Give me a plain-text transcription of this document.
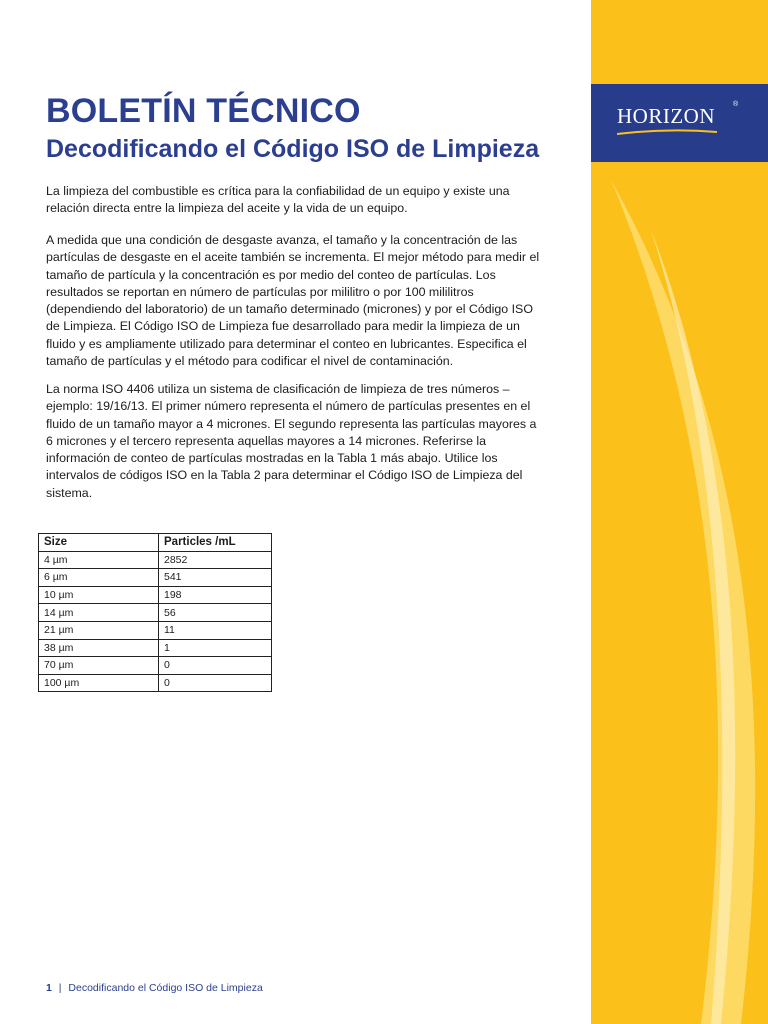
HORIZON	®
BOLETÍN TÉCNICO
Decodificando el Código ISO de Limpieza

La limpieza del combustible es crítica para la confiabilidad de un equipo y existe una relación directa entre la limpieza del aceite y la vida de un equipo.

A medida que una condición de desgaste avanza, el tamaño y la concentración de las partículas de desgaste en el aceite también se incrementa. El mejor método para medir el tamaño de partícula y la concentración es por medio del conteo de partículas. Los resultados se reportan en número de partículas por mililitro o por 100 mililitros (dependiendo del laboratorio) de un tamaño determinado (micrones) y por el Código ISO de Limpieza. El Código ISO de Limpieza fue desarrollado para medir la limpieza de un fluido y es ampliamente utilizado para determinar el conteo en lubricantes. Especifica el tamaño de partículas y el método para codificar el nivel de contaminación.

La norma ISO 4406 utiliza un sistema de clasificación de limpieza de tres números – ejemplo: 19/16/13. El primer número representa el número de partículas presentes en el fluido de un tamaño mayor a 4 micrones. El segundo representa las partículas mayores a 6 micrones y el tercero representa aquellas mayores a 14 micrones. Referirse la información de conteo de partículas mostradas en la Tabla 1 más abajo. Utilice los intervalos de códigos ISO en la Tabla 2 para determinar el Código ISO de Limpieza del sistema.

Size	Particles /mL
4 µm	2852
6 µm	541
10 µm	198
14 µm	56
21 µm	11
38 µm	1
70 µm	0
100 µm	0
1 | Decodificando el Código ISO de Limpieza
